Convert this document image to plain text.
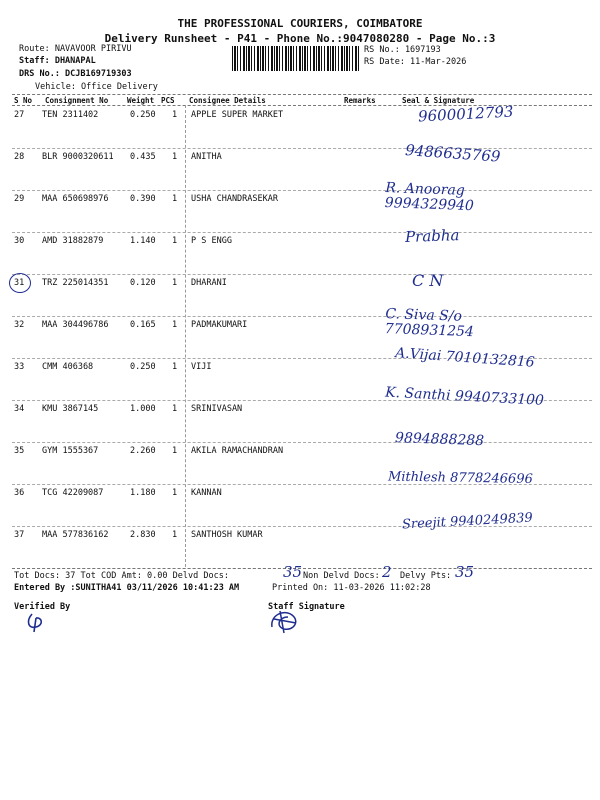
THE PROFESSIONAL COURIERS, COIMBATORE
Delivery Runsheet - P41 - Phone No.:9047080280 - Page No.:3
Route: NAVAVOOR PIRIVU
Staff: DHANAPAL
DRS No.: DCJB169719303
Vehicle: Office Delivery
RS No.: 1697193
RS Date: 11-Mar-2026
S No Consignment No	Weight PCS Consignee Details	Remarks	Seal & Signature
27 TEN 2311402	0.250 1 APPLE SUPER MARKET	9600012793
28 BLR 9000320611 0.435 1 ANITHA	9486635769
29 MAA 650698976	0.390 1 USHA CHANDRASEKAR
R. Anoorag 9994329940
30 AMD 31882879	1.140 1 P S ENGG	Prabha
31 TRZ 225014351	0.120 1 DHARANI	C N
32 MAA 304496786	0.165 1 PADMAKUMARI
C. Siva S/o 7708931254
33 CMM 406368	0.250 1 VIJI	A.Vijai 7010132816
34 KMU 3867145	1.000 1 SRINIVASAN
K. Santhi 9940733100
35 GYM 1555367	2.260 1 AKILA RAMACHANDRAN
9894888288
36 TCG 42209087	1.180 1 KANNAN
Mithlesh 8778246696
37 MAA 577836162	2.830 1 SANTHOSH KUMAR
Sreejit 9940249839
Tot Docs: 37 Tot COD Amt: 0.00 Delvd Docs:	35 Non Delvd Docs: 2 Delvy Pts: 35
Entered By :SUNITHA41 03/11/2026 10:41:23 AM	Printed On: 11-03-2026 11:02:28
Verified By	Staff Signature
